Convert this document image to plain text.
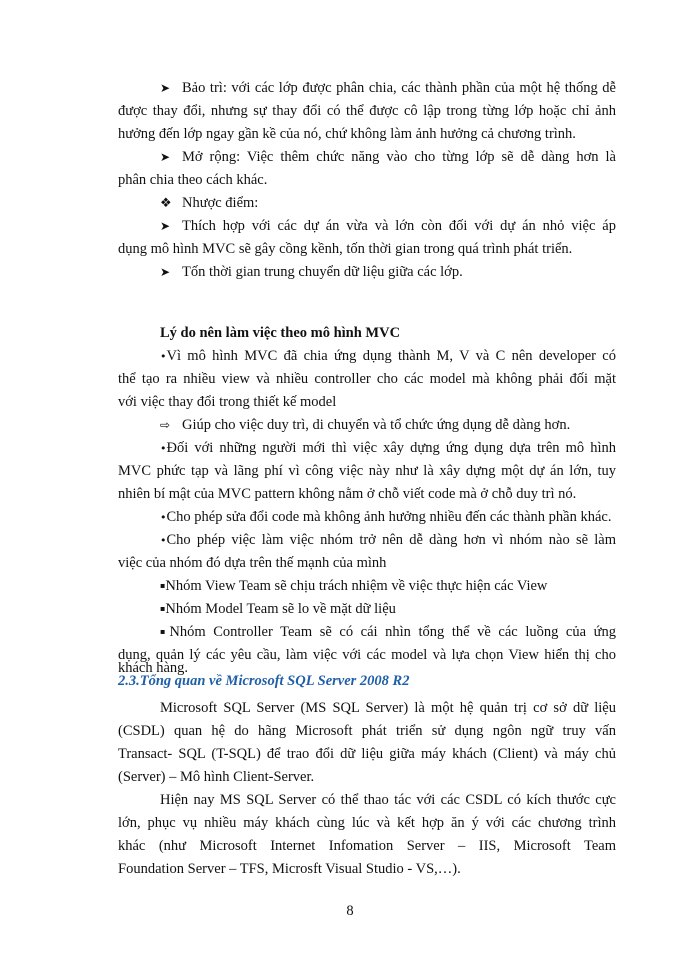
➤ Bảo trì: với các lớp được phân chia, các thành phần của một hệ thống dễ
được thay đổi, nhưng sự thay đổi có thể được cô lập trong từng lớp hoặc chỉ ảnh
hưởng đến lớp ngay gần kề của nó, chứ không làm ảnh hưởng cả chương trình.
➤ Mở rộng: Việc thêm chức năng vào cho từng lớp sẽ dễ dàng hơn là
phân chia theo cách khác.
❖ Nhược điểm:
➤ Thích hợp với các dự án vừa và lớn còn đối với dự án nhỏ việc áp
dụng mô hình MVC sẽ gây cồng kềnh, tốn thời gian trong quá trình phát triển.
➤ Tốn thời gian trung chuyển dữ liệu giữa các lớp.
Lý do nên làm việc theo mô hình MVC
•Vì mô hình MVC đã chia ứng dụng thành M, V và C nên developer có
thể tạo ra nhiều view và nhiều controller cho các model mà không phải đối mặt
với việc thay đổi trong thiết kế model
⇨ Giúp cho việc duy trì, di chuyển và tổ chức ứng dụng dễ dàng hơn.
•Đối với những người mới thì việc xây dựng ứng dụng dựa trên mô hình
MVC phức tạp và lãng phí vì công việc này như là xây dựng một dự án lớn, tuy
nhiên bí mật của MVC pattern không nằm ở chỗ viết code mà ở chỗ duy trì nó.
•Cho phép sửa đổi code mà không ảnh hưởng nhiều đến các thành phần khác.
•Cho phép việc làm việc nhóm trở nên dễ dàng hơn vì nhóm nào sẽ làm
việc của nhóm đó dựa trên thế mạnh của mình
▪Nhóm View Team sẽ chịu trách nhiệm về việc thực hiện các View
▪Nhóm Model Team sẽ lo về mặt dữ liệu
▪Nhóm Controller Team sẽ có cái nhìn tổng thể về các luồng của ứng
dụng, quản lý các yêu cầu, làm việc với các model và lựa chọn View hiển thị cho
khách hàng.
2.3.Tổng quan về Microsoft SQL Server 2008 R2
Microsoft SQL Server (MS SQL Server) là một hệ quản trị cơ sở dữ liệu
(CSDL) quan hệ do hãng Microsoft phát triển sử dụng ngôn ngữ truy vấn
Transact- SQL (T-SQL) để trao đổi dữ liệu giữa máy khách (Client) và máy chủ
(Server) – Mô hình Client-Server.
Hiện nay MS SQL Server có thể thao tác với các CSDL có kích thước cực
lớn, phục vụ nhiều máy khách cùng lúc và kết hợp ăn ý với các chương trình
khác (như Microsoft Internet Infomation Server – IIS, Microsoft Team
Foundation Server – TFS, Microsft Visual Studio - VS,…).
8
